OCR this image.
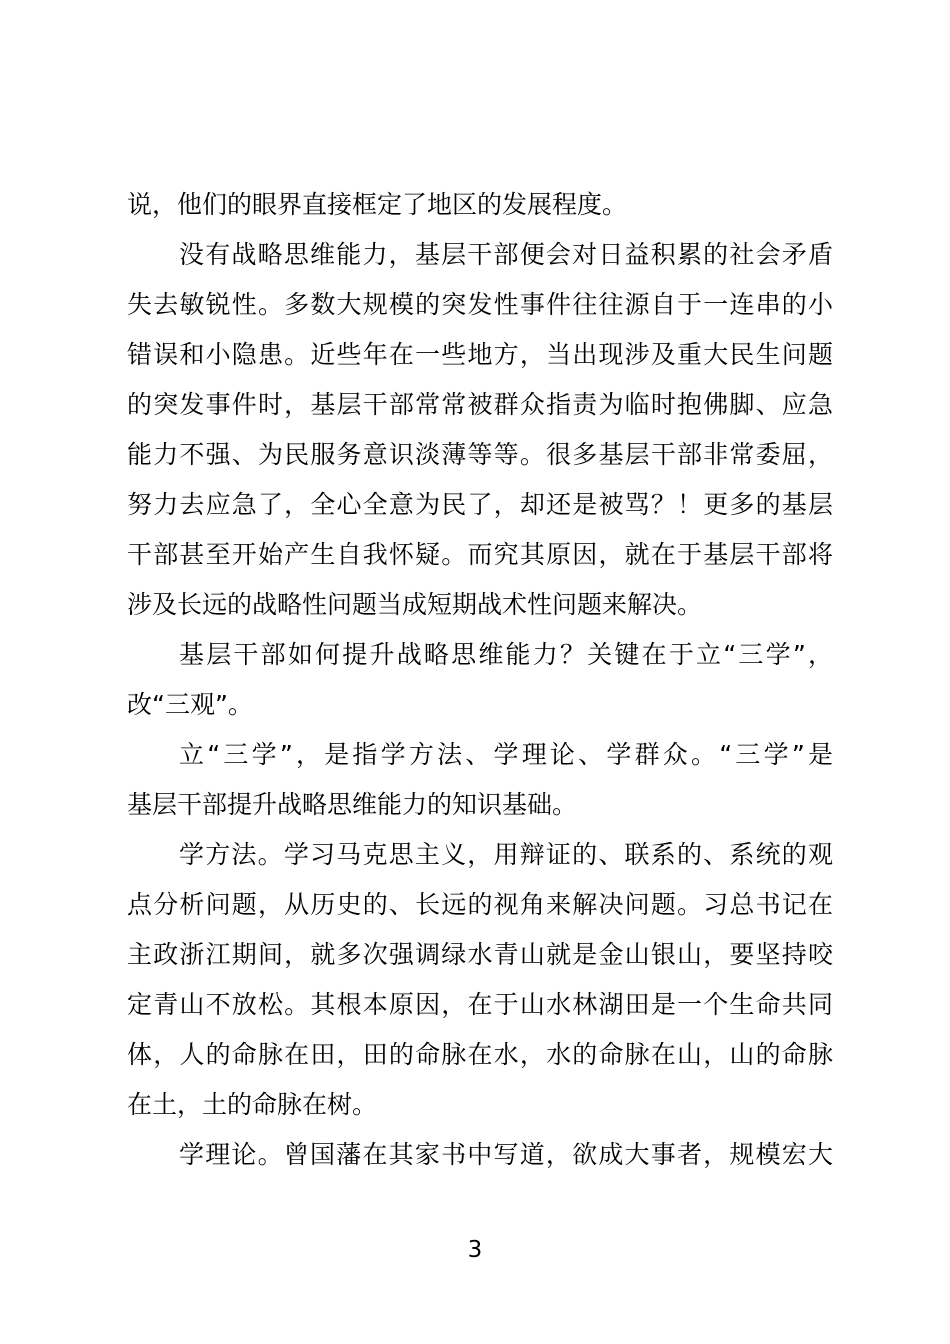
说，他们的眼界直接框定了地区的发展程度。
没有战略思维能力，基层干部便会对日益积累的社会矛盾
失去敏锐性。多数大规模的突发性事件往往源自于一连串的小
错误和小隐患。近些年在一些地方，当出现涉及重大民生问题
的突发事件时，基层干部常常被群众指责为临时抱佛脚、应急
能力不强、为民服务意识淡薄等等。很多基层干部非常委屈，
努力去应急了，全心全意为民了，却还是被骂？！更多的基层
干部甚至开始产生自我怀疑。而究其原因，就在于基层干部将
涉及长远的战略性问题当成短期战术性问题来解决。
基层干部如何提升战略思维能力？关键在于立“三学”，
改“三观”。
立“三学”，是指学方法、学理论、学群众。“三学”是
基层干部提升战略思维能力的知识基础。
学方法。学习马克思主义，用辩证的、联系的、系统的观
点分析问题，从历史的、长远的视角来解决问题。习总书记在
主政浙江期间，就多次强调绿水青山就是金山银山，要坚持咬
定青山不放松。其根本原因，在于山水林湖田是一个生命共同
体，人的命脉在田，田的命脉在水，水的命脉在山，山的命脉
在土，土的命脉在树。
学理论。曾国藩在其家书中写道，欲成大事者，规模宏大
3
